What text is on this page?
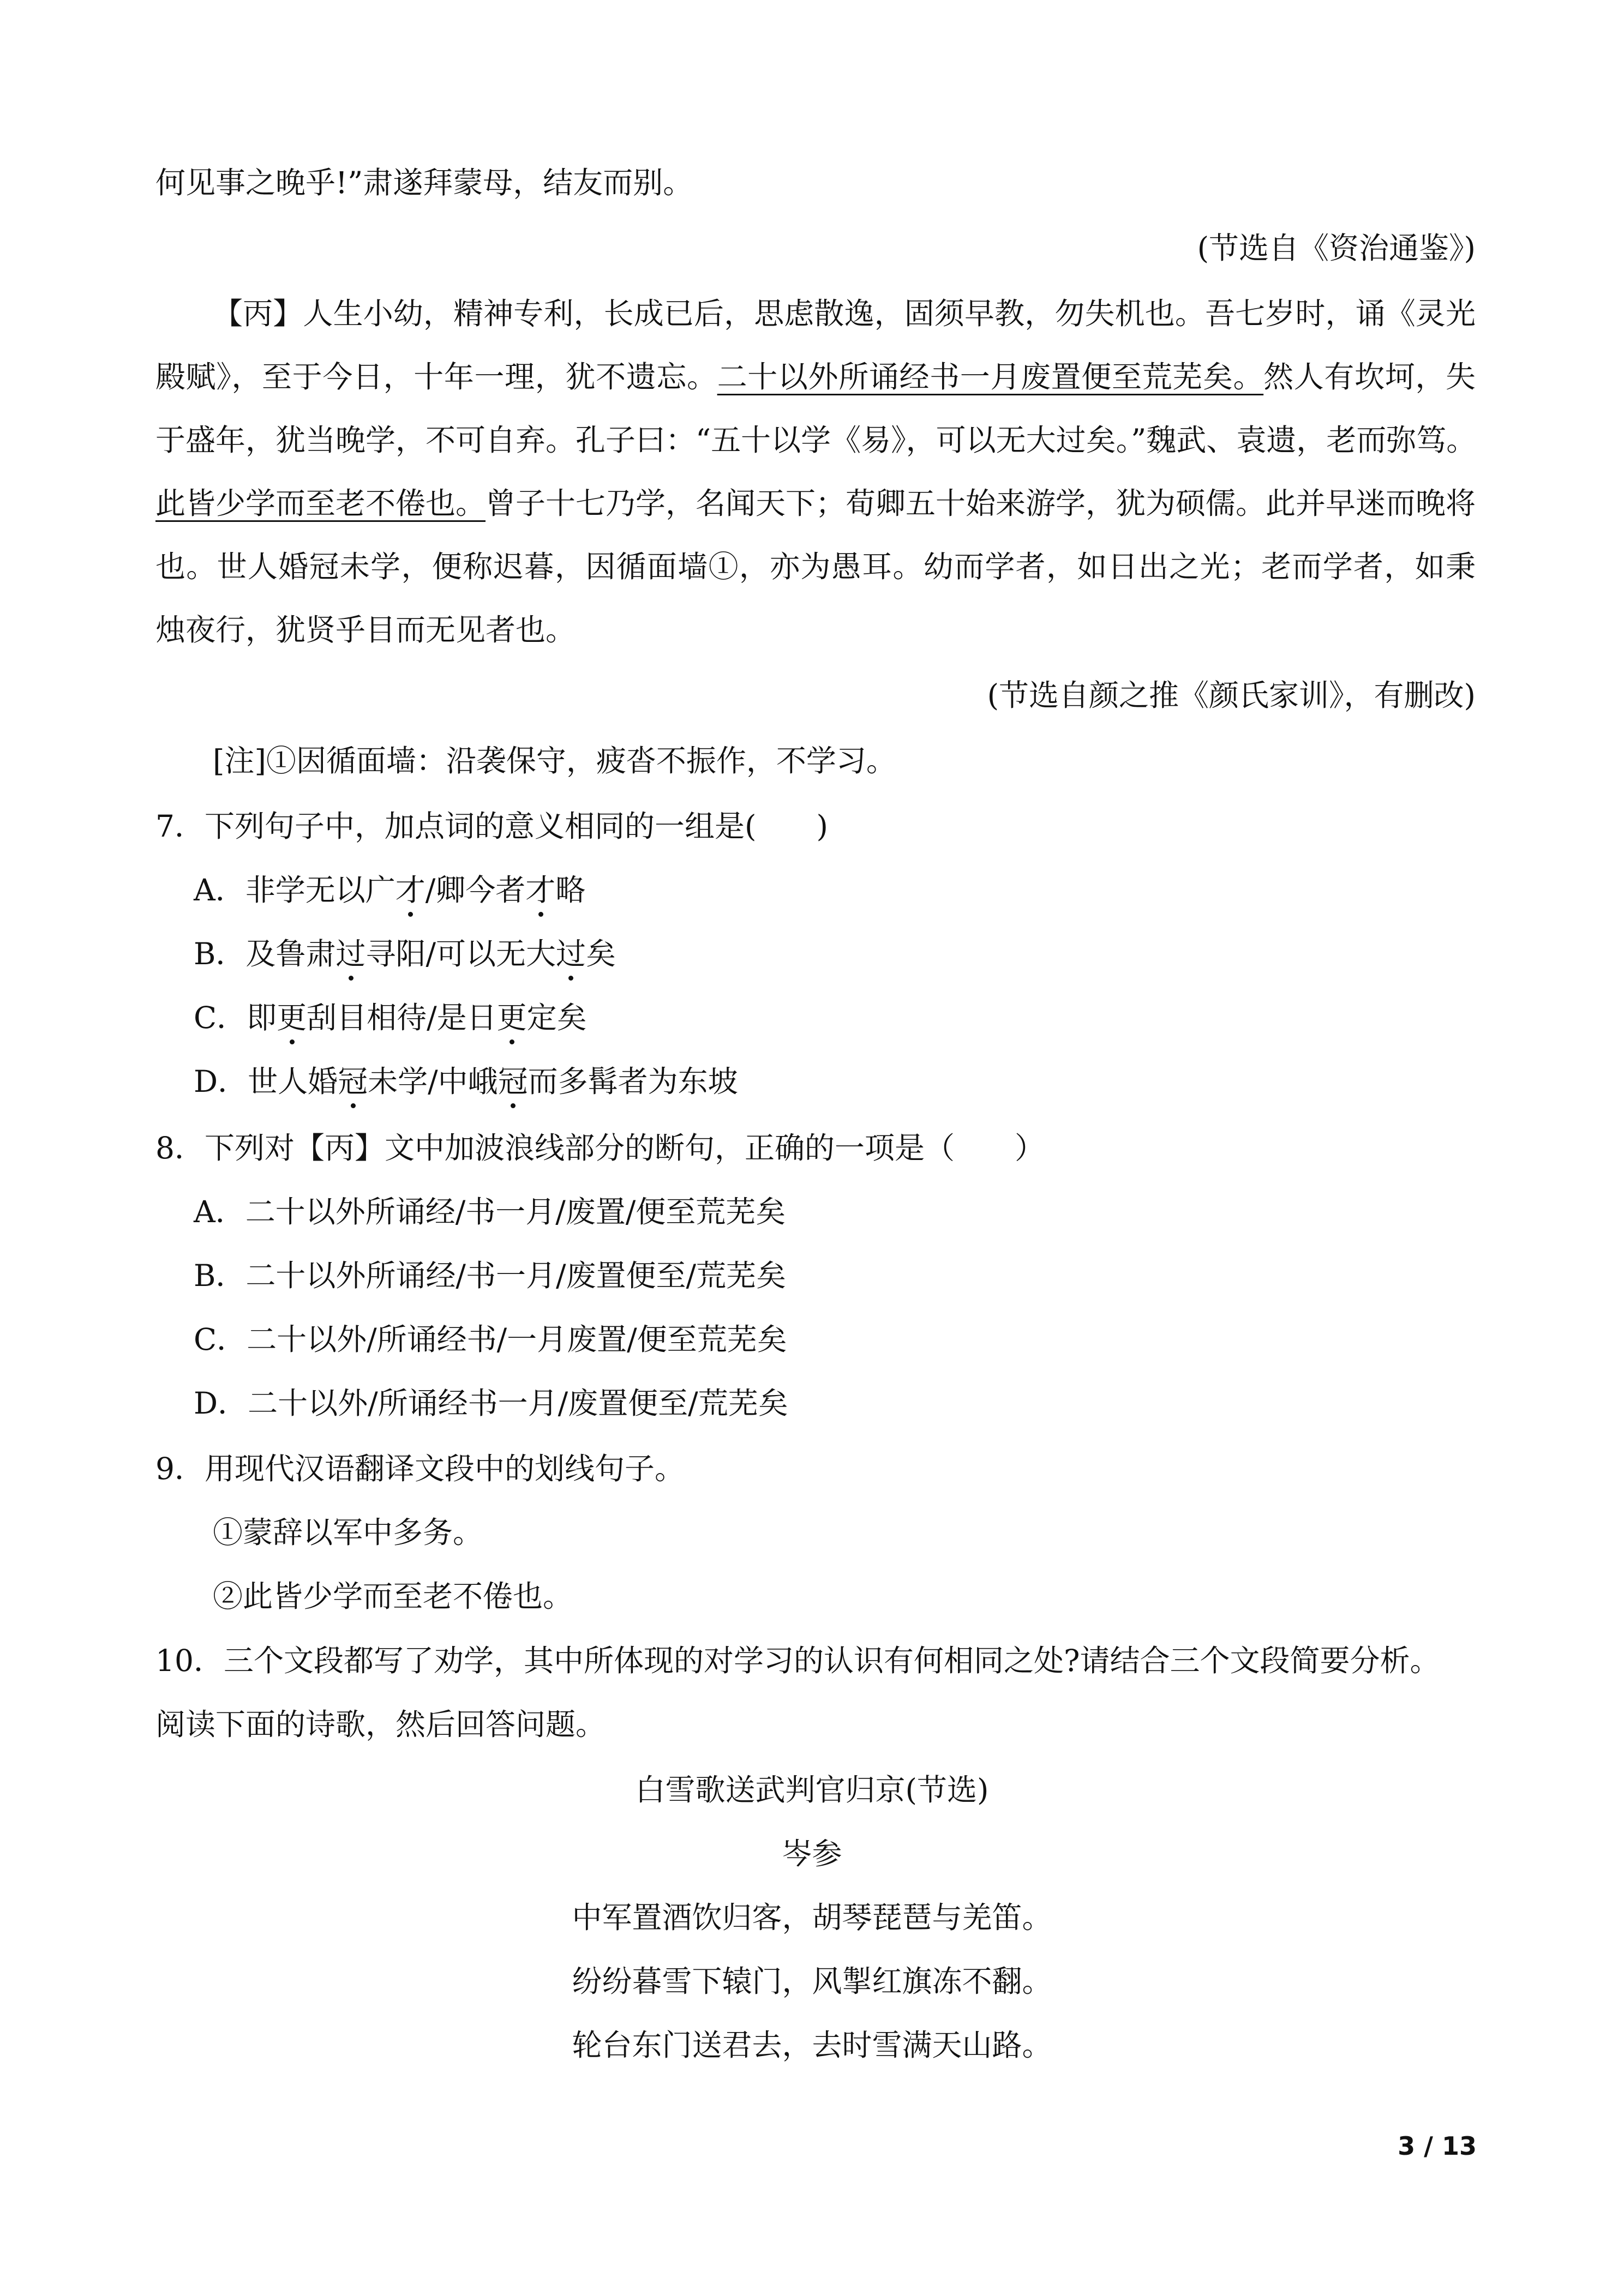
何见事之晚乎!”肃遂拜蒙母，结友而别。
(节选自《资治通鉴》)
【丙】人生小幼，精神专利，长成已后，思虑散逸，固须早教，勿失机也。吾七岁时，诵《灵光
殿赋》，至于今日，十年一理，犹不遗忘。二十以外所诵经书一月废置便至荒芜矣。然人有坎坷，失
于盛年，犹当晚学，不可自弃。孔子曰：“五十以学《易》，可以无大过矣。”魏武、袁遗，老而弥笃。
此皆少学而至老不倦也。曾子十七乃学，名闻天下；荀卿五十始来游学，犹为硕儒。此并早迷而晚将
也。世人婚冠未学，便称迟暮，因循面墙①，亦为愚耳。幼而学者，如日出之光；老而学者，如秉
烛夜行，犹贤乎目而无见者也。
(节选自颜之推《颜氏家训》，有删改)
[注]①因循面墙：沿袭保守，疲沓不振作，不学习。
7．下列句子中，加点词的意义相同的一组是(　　)
A．非学无以广才/卿今者才略
B．及鲁肃过寻阳/可以无大过矣
C．即更刮目相待/是日更定矣
D．世人婚冠未学/中峨冠而多髯者为东坡
8．下列对【丙】文中加波浪线部分的断句，正确的一项是（　　）
A．二十以外所诵经/书一月/废置/便至荒芜矣
B．二十以外所诵经/书一月/废置便至/荒芜矣
C．二十以外/所诵经书/一月废置/便至荒芜矣
D．二十以外/所诵经书一月/废置便至/荒芜矣
9．用现代汉语翻译文段中的划线句子。
①蒙辞以军中多务。
②此皆少学而至老不倦也。
10．三个文段都写了劝学，其中所体现的对学习的认识有何相同之处?请结合三个文段简要分析。
阅读下面的诗歌，然后回答问题。
白雪歌送武判官归京(节选)
岑参
中军置酒饮归客，胡琴琵琶与羌笛。
纷纷暮雪下辕门，风掣红旗冻不翻。
轮台东门送君去，去时雪满天山路。
3 / 13
